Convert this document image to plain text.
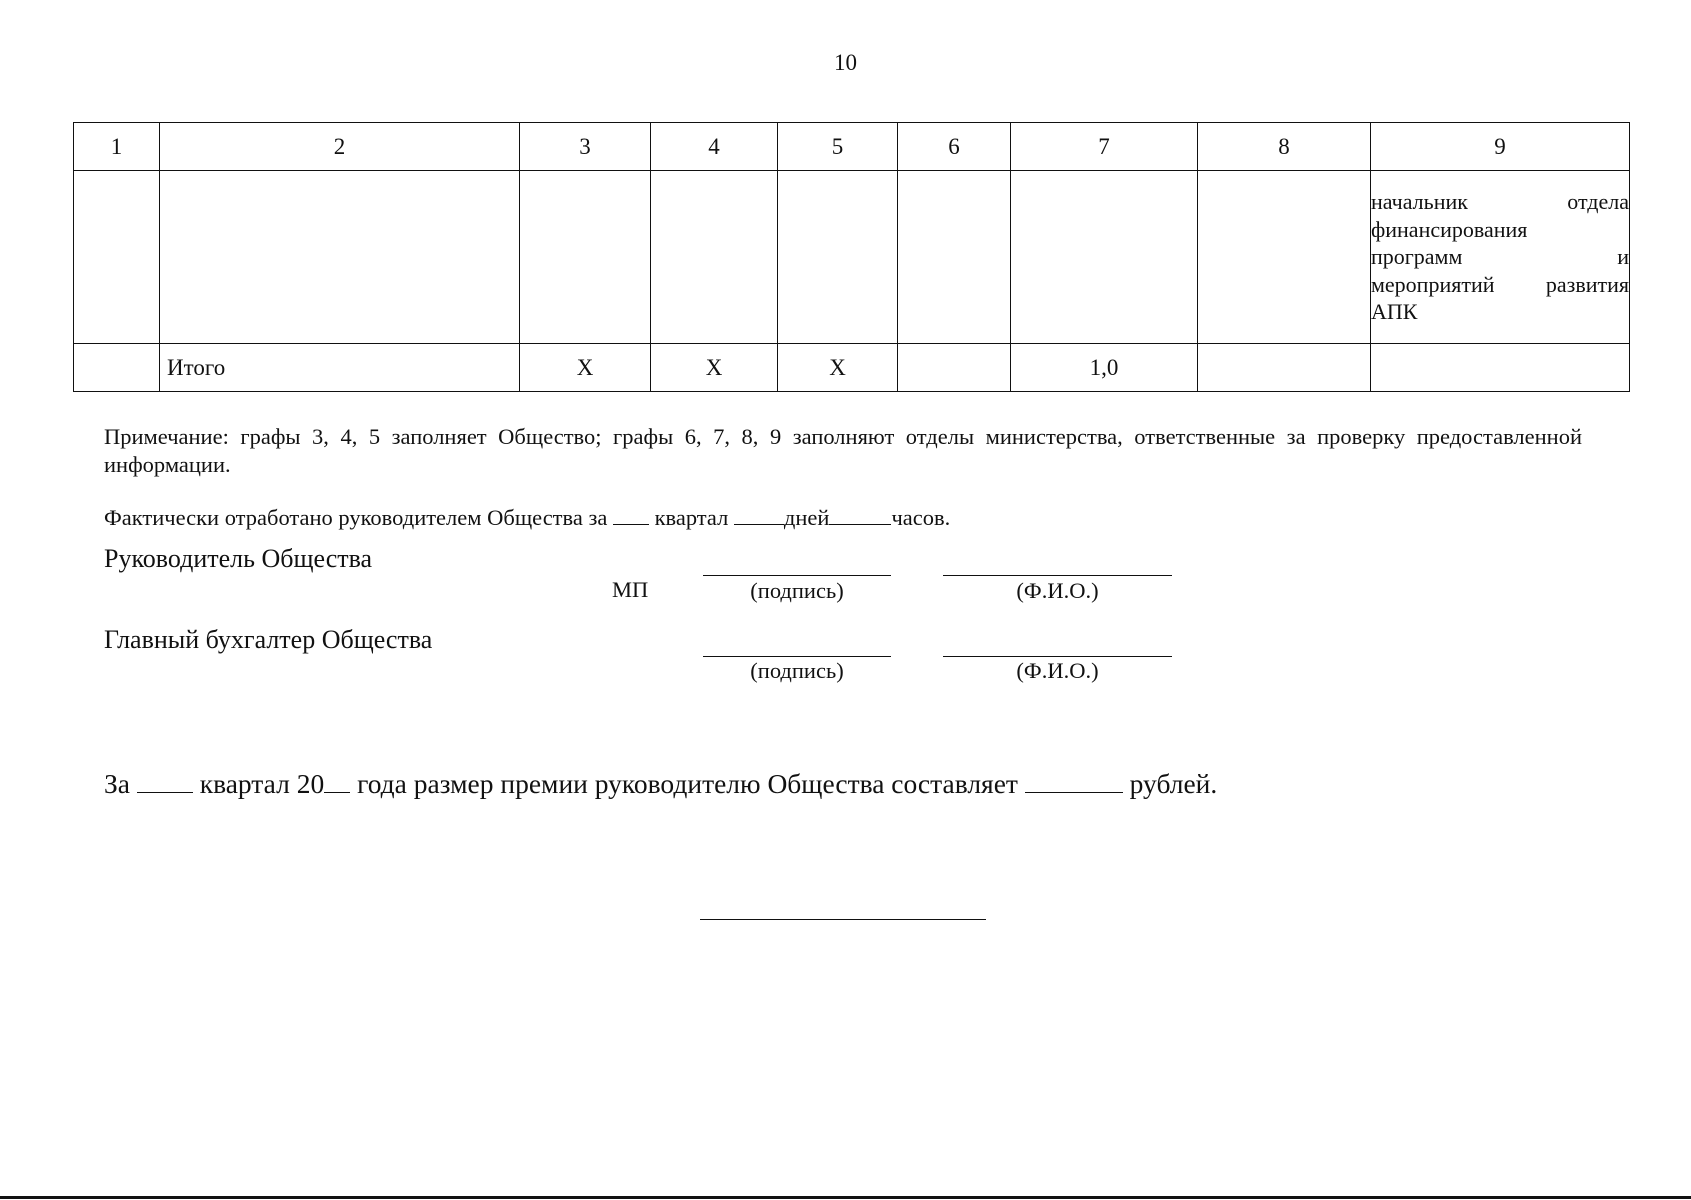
10
1	2	3	4	5	6	7	8	9

								начальник отдела
финансирования
программ и
мероприятий развития
АПК

	Итого	Х	Х	Х		1,0		
Примечание: графы 3, 4, 5 заполняет Общество; графы 6, 7, 8, 9 заполняют отделы министерства, ответственные за проверку предоставленной информации.
Фактически отработано руководителем Общества за квартал дней	часов.
Руководитель Общества
МП	(подпись)	(Ф.И.О.)
Главный бухгалтер Общества
(подпись)	(Ф.И.О.)
За	квартал 20 года размер премии руководителю Общества составляет	рублей.
